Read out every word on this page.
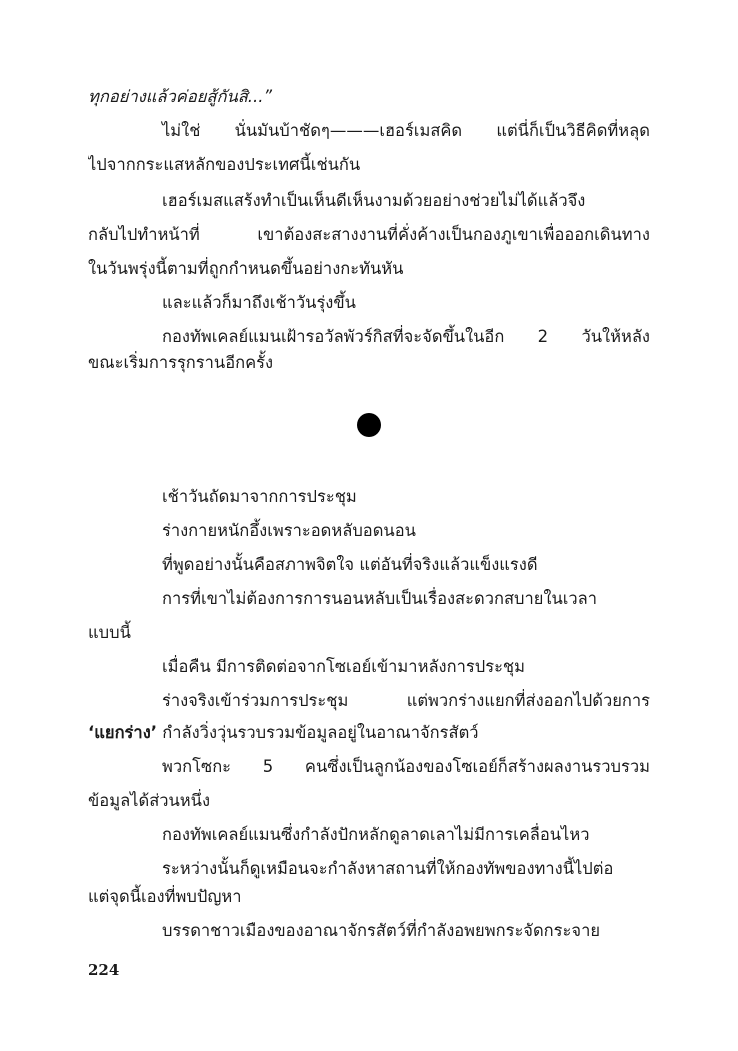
ทุกอย่างแล้วค่อยสู้กันสิ...”
ไม่ใช่ นั่นมันบ้าชัดๆ———เฮอร์เมสคิด แต่นี่ก็เป็นวิธีคิดที่หลุด
ไปจากกระแสหลักของประเทศนี้เช่นกัน
เฮอร์เมสแสร้งทำเป็นเห็นดีเห็นงามด้วยอย่างช่วยไม่ได้แล้วจึง
กลับไปทำหน้าที่ เขาต้องสะสางงานที่คั่งค้างเป็นกองภูเขาเพื่อออกเดินทาง
ในวันพรุ่งนี้ตามที่ถูกกำหนดขึ้นอย่างกะทันหัน
และแล้วก็มาถึงเช้าวันรุ่งขึ้น
กองทัพเคลย์แมนเฝ้ารอวัลพัวร์กิสที่จะจัดขึ้นในอีก 2 วันให้หลัง
ขณะเริ่มการรุกรานอีกครั้ง
เช้าวันถัดมาจากการประชุม
ร่างกายหนักอึ้งเพราะอดหลับอดนอน
ที่พูดอย่างนั้นคือสภาพจิตใจ แต่อันที่จริงแล้วแข็งแรงดี
การที่เขาไม่ต้องการการนอนหลับเป็นเรื่องสะดวกสบายในเวลา
แบบนี้
เมื่อคืน มีการติดต่อจากโซเอย์เข้ามาหลังการประชุม
ร่างจริงเข้าร่วมการประชุม แต่พวกร่างแยกที่ส่งออกไปด้วยการ
‘แยกร่าง’ กำลังวิ่งวุ่นรวบรวมข้อมูลอยู่ในอาณาจักรสัตว์
พวกโซกะ 5 คนซึ่งเป็นลูกน้องของโซเอย์ก็สร้างผลงานรวบรวม
ข้อมูลได้ส่วนหนึ่ง
กองทัพเคลย์แมนซึ่งกำลังปักหลักดูลาดเลาไม่มีการเคลื่อนไหว
ระหว่างนั้นก็ดูเหมือนจะกำลังหาสถานที่ให้กองทัพของทางนี้ไปต่อ
แต่จุดนี้เองที่พบปัญหา
บรรดาชาวเมืองของอาณาจักรสัตว์ที่กำลังอพยพกระจัดกระจาย
224
